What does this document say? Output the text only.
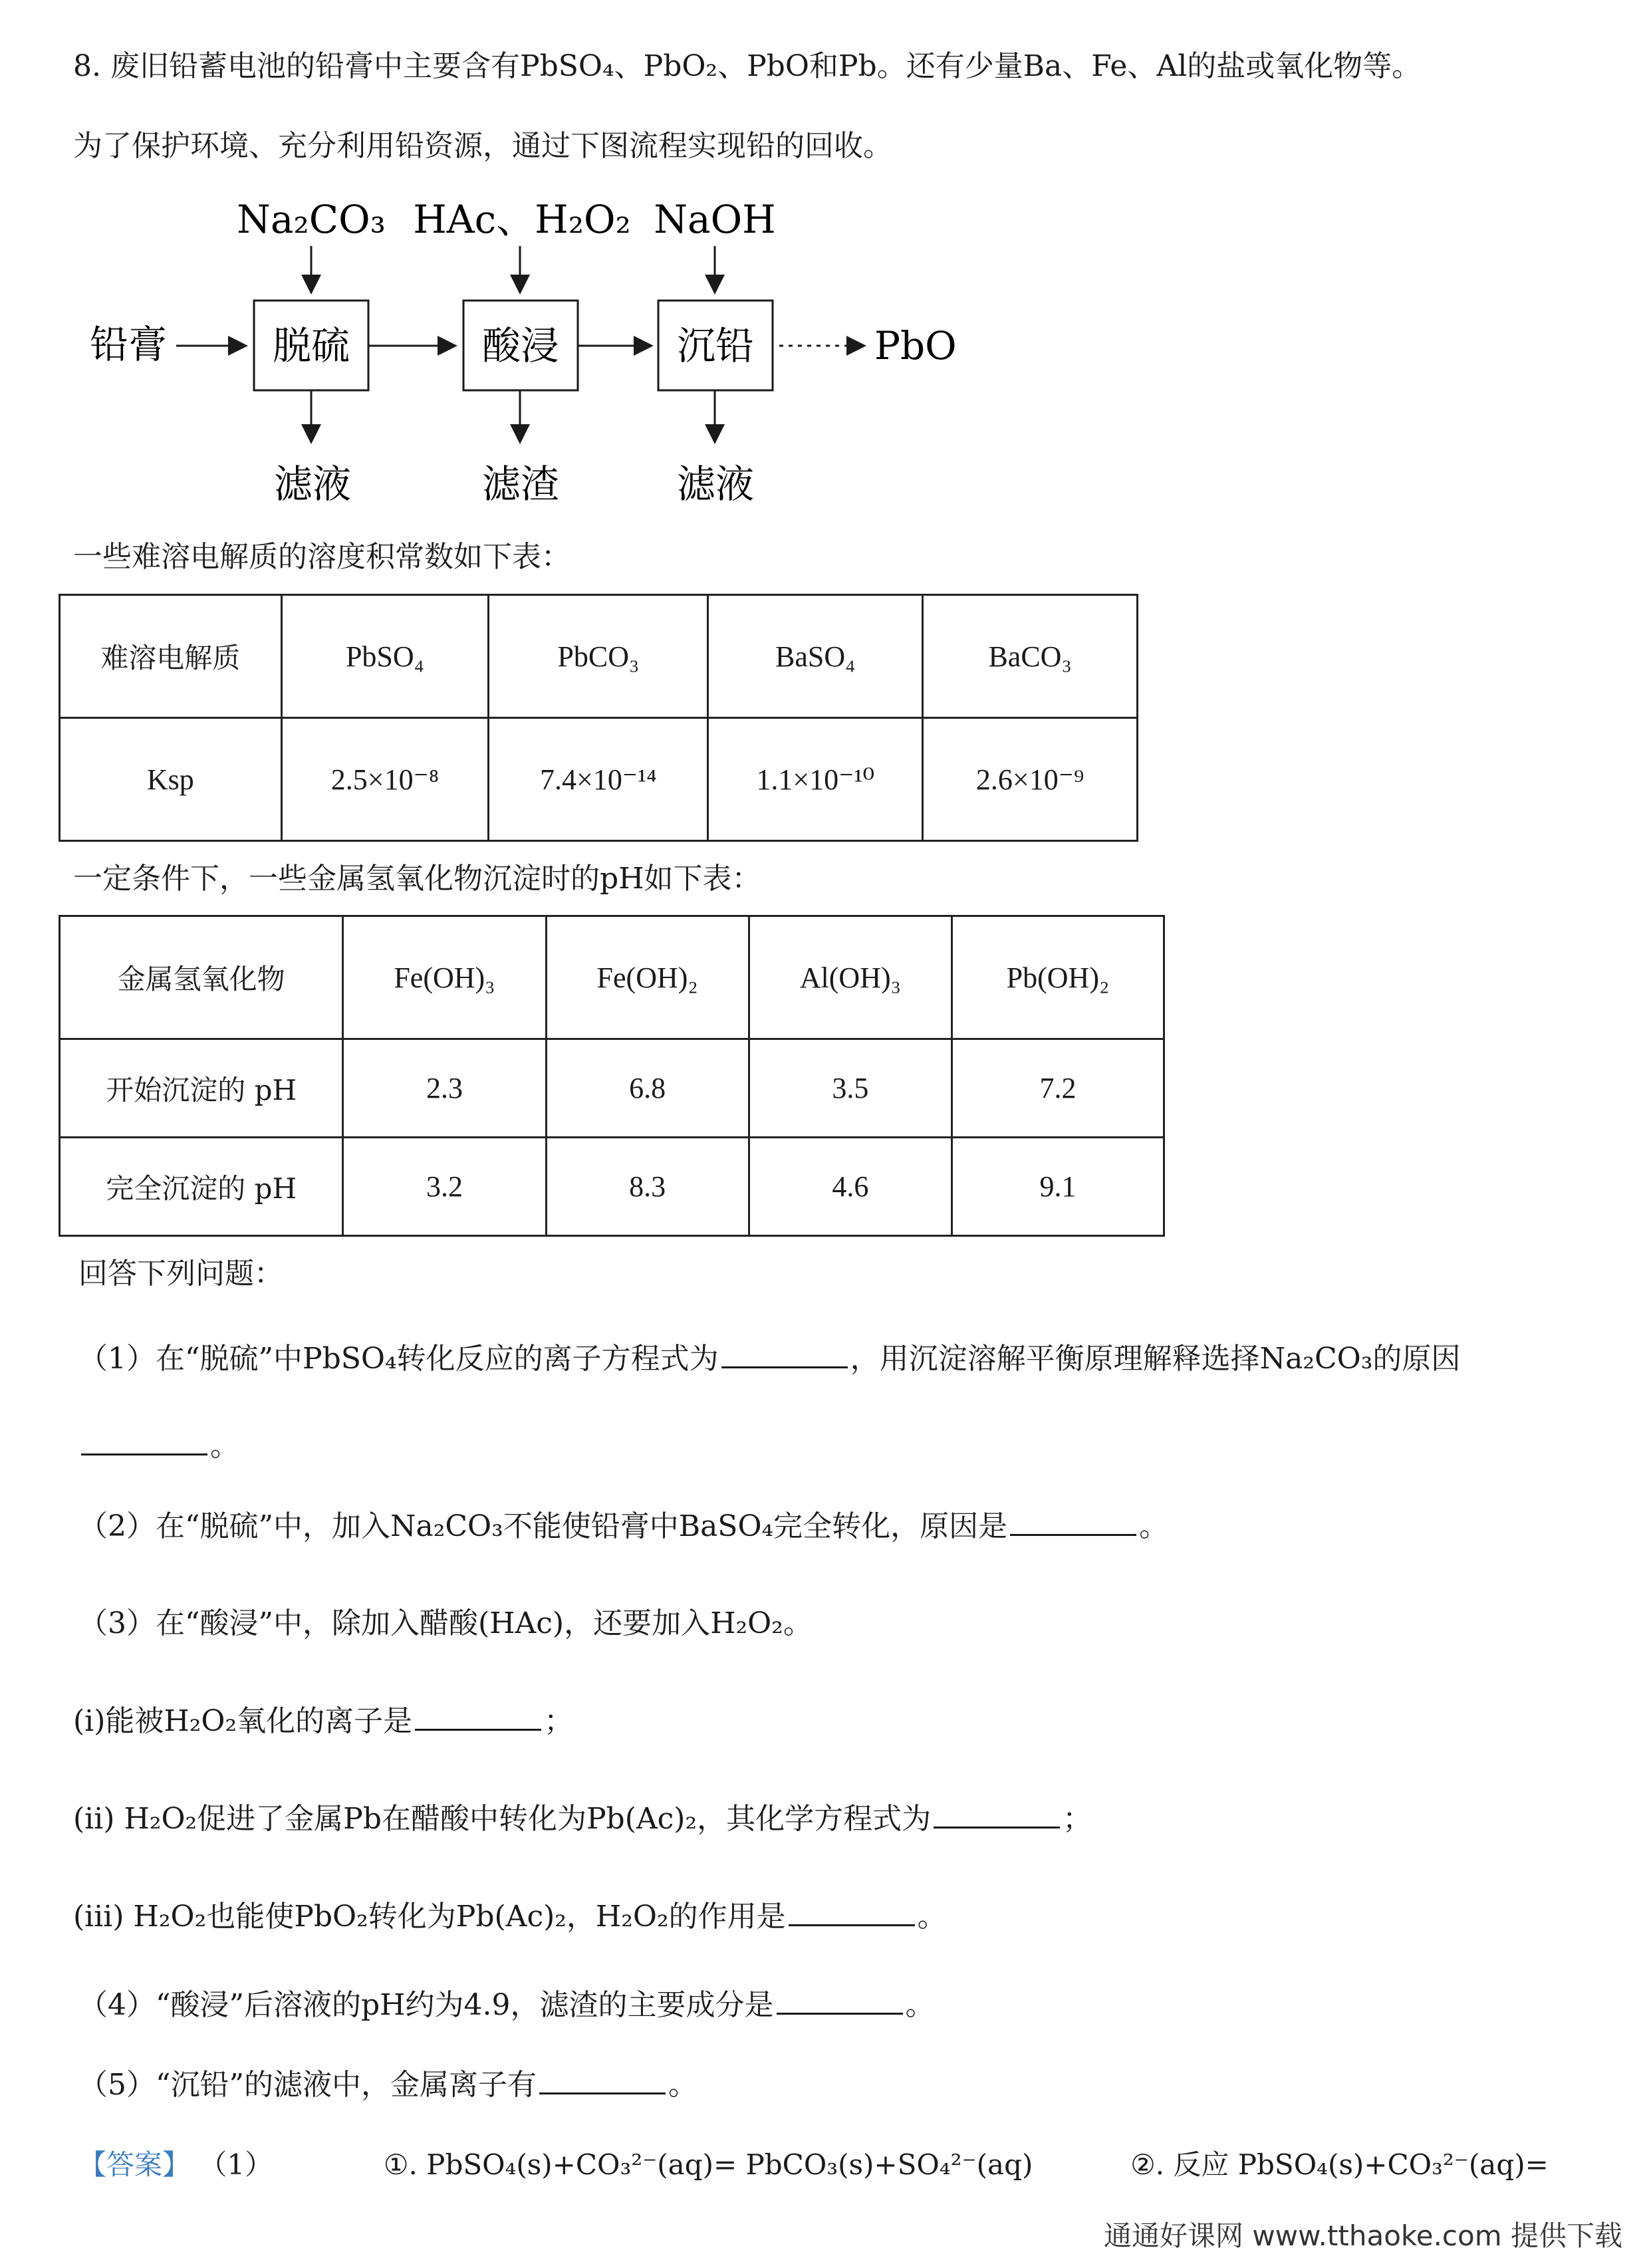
8. 废旧铅蓄电池的铅膏中主要含有PbSO₄、PbO₂、PbO和Pb。还有少量Ba、Fe、Al的盐或氧化物等。
为了保护环境、充分利用铅资源，通过下图流程实现铅的回收。
Na₂CO₃ HAc、H₂O₂ NaOH
铅膏	脱硫	酸浸	沉铅	PbO
滤液	滤渣	滤液
一些难溶电解质的溶度积常数如下表：
难溶电解质	PbSO₄	PbCO₃	BaSO₄	BaCO₃
Ksp	2.5×10⁻⁸	7.4×10⁻¹⁴	1.1×10⁻¹⁰	2.6×10⁻⁹
一定条件下，一些金属氢氧化物沉淀时的pH如下表：
金属氢氧化物	Fe(OH)₃	Fe(OH)₂	Al(OH)₃	Pb(OH)₂
开始沉淀的 pH	2.3	6.8	3.5	7.2
完全沉淀的 pH	3.2	8.3	4.6	9.1
回答下列问题：
（1）在“脱硫”中PbSO₄转化反应的离子方程式为	，用沉淀溶解平衡原理解释选择Na₂CO₃的原因
。
（2）在“脱硫”中，加入Na₂CO₃不能使铅膏中BaSO₄完全转化，原因是	。
（3）在“酸浸”中，除加入醋酸(HAc)，还要加入H₂O₂。
(i)能被H₂O₂氧化的离子是	；
(ii) H₂O₂促进了金属Pb在醋酸中转化为Pb(Ac)₂，其化学方程式为	；
(iii) H₂O₂也能使PbO₂转化为Pb(Ac)₂，H₂O₂的作用是	。
（4）“酸浸”后溶液的pH约为4.9，滤渣的主要成分是	。
（5）“沉铅”的滤液中，金属离子有	。
【答案】 （1）	①. PbSO₄(s)+CO₃²⁻(aq)= PbCO₃(s)+SO₄²⁻(aq)	②. 反应 PbSO₄(s)+CO₃²⁻(aq)=
通通好课网 www.tthaoke.com 提供下载
